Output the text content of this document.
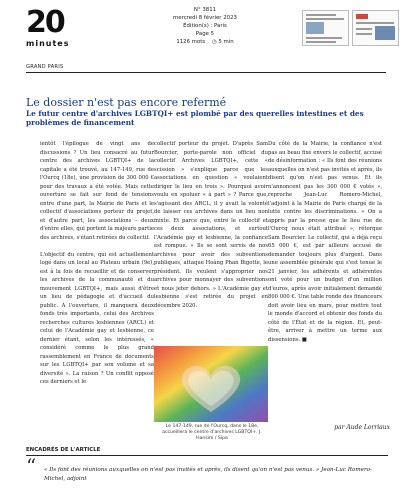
20
minutes
N° 3811
mercredi 8 février 2023
Édition(s) : Paris
Page 5
1126 mots ◷ 5 min
GRAND PARIS
Le dossier n'est pas encore refermé
Le futur centre d'archives LGBTQI+ est plombé par des querelles intestines et des problèmes de financement

ientôt l'épilogue de vingt ans de discussions ? Un lieu consacré au futur centre des archives LGBTQI+ de la capitale a été trouvé, au 147-149, rue de l'Ourcq (18e), une provision de 300 000 € pour des travaux a été votée. Mais cette ouverture se fait sur fond de tensions entre d'une part, la Mairie de Paris et le collectif d'associations porteur du projet, et d'autre part, les associations – deux d'entre elles, qui portent la majeure partie des archives, s'étant retirées du collectif.

L'objectif du centre, qui est actuellement logé dans un local au Plateau urbain (9e), est à la fois de recueillir et de conserver les archives de la communauté et du mouvement LGBTQI+, mais aussi d'être un lieu de pédagogie et d'accueil du public. À l'ouverture, il manquera deux fonds très importants, celui des Archives recherches cultures lesbiennes (ARCL) et celui de l'Académie gay et lesbienne, ce dernier étant, selon les intéressés, « considéré comme le plus grand rassemblement en France de documents sur les LGBTQI+ par son volume et sa diversité ». La raison ? Un conflit opposé ces derniers et le

collectif porteur du projet. D'après Sam Bourcier, porte-parole non officiel du collectif Archives LGBTQI+, cette « scission » s'explique parce que les associations en question « voulaient diriger le lieu en trois ». Pourquoi avoir voulu en spoluer « à part » ? Parce que, s'agissant des ARCL, il y avait la volonté de laisser ces archives dans un lieu non mixte. Et parce que, entre le collectif et ces deux associations, et surtout l'Académie gay et lesbienne, la confiance est rompue. « Ils se sont servis de nos archives pour avoir des subventions publiques, attaque Hoàng Phan Bigotte, le président. Ils veulent s'approprier nos archives pour monnayer des subventions et nous jeter dehors. » L'Académie gay et lesbienne s'est retirée du projet en décembre 2020.

Du côté de la Mairie, la confiance n'est pas au beau fixe envers le collectif, accusé de désinformation : « Ils font des réunions auxquelles on n'est pas invités et après, ils disent qu'on n'est pas venus. Et ils n'annoncent pas les 300 000 € votés », reproche Jean-Luc Romero-Michel, l'adjoint à la Mairie de Paris chargé de la lutte contre les discriminations. « On a appris par la presse que le lieu rue de l'Ourcq nous était attribué », rétorque Sam Bourcier. Le collectif, qui a déjà reçu 65 000 €, est par ailleurs accusé de demander toujours plus d'argent. Dans une assemblée générale qui s'est tenue le 21 janvier, les adhérents et adhérentes ont voté pour un budget d'un million d'euros, après avoir initialement demandé 800 000 €. Une table ronde des financeurs doit avoir lieu en mars, pour mettre tout le monde d'accord et obtenir des fonds du côté de l'État et de la région. Et, peut-être, arriver à mettre un terme aux dissensions. ■

Le 147-149, rue de l'Ourcq, dans le 18e, accueillera le centre d'archives LGBTQI+. J. Hansim / Sipa

par Aude Lorriaux

ENCADRÉS DE L'ARTICLE
“ « Ils font des réunions auxquelles on n'est pas invités et après, ils disent qu'on n'est pas venus. » Jean-Luc Romero-Michel, adjoint
